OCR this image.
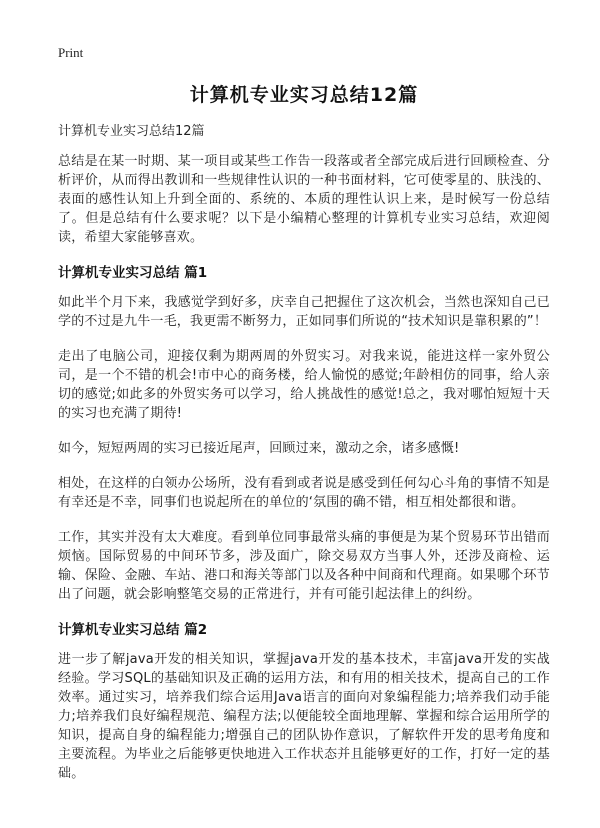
Print
计算机专业实习总结12篇
计算机专业实习总结12篇

总结是在某一时期、某一项目或某些工作告一段落或者全部完成后进行回顾检查、分析评价，从而得出教训和一些规律性认识的一种书面材料，它可使零星的、肤浅的、表面的感性认知上升到全面的、系统的、本质的理性认识上来，是时候写一份总结了。但是总结有什么要求呢？以下是小编精心整理的计算机专业实习总结，欢迎阅读，希望大家能够喜欢。

计算机专业实习总结 篇1

如此半个月下来，我感觉学到好多，庆幸自己把握住了这次机会，当然也深知自己已学的不过是九牛一毛，我更需不断努力，正如同事们所说的“技术知识是靠积累的”！

走出了电脑公司，迎接仅剩为期两周的外贸实习。对我来说，能进这样一家外贸公司，是一个不错的机会!市中心的商务楼，给人愉悦的感觉;年龄相仿的同事，给人亲切的感觉;如此多的外贸实务可以学习，给人挑战性的感觉!总之，我对哪怕短短十天的实习也充满了期待!

如今，短短两周的实习已接近尾声，回顾过来，激动之余，诸多感慨!

相处，在这样的白领办公场所，没有看到或者说是感受到任何勾心斗角的事情不知是有幸还是不幸，同事们也说起所在的单位的‘氛围的确不错，相互相处都很和谐。

工作，其实并没有太大难度。看到单位同事最常头痛的事便是为某个贸易环节出错而烦恼。国际贸易的中间环节多，涉及面广，除交易双方当事人外，还涉及商检、运输、保险、金融、车站、港口和海关等部门以及各种中间商和代理商。如果哪个环节出了问题，就会影响整笔交易的正常进行，并有可能引起法律上的纠纷。

计算机专业实习总结 篇2

进一步了解java开发的相关知识，掌握java开发的基本技术，丰富java开发的实战经验。学习SQL的基础知识及正确的运用方法，和有用的相关技术，提高自己的工作效率。通过实习，培养我们综合运用Java语言的面向对象编程能力;培养我们动手能力;培养我们良好编程规范、编程方法;以便能较全面地理解、掌握和综合运用所学的知识，提高自身的编程能力;增强自己的团队协作意识，了解软件开发的思考角度和主要流程。为毕业之后能够更快地进入工作状态并且能够更好的工作，打好一定的基础。
